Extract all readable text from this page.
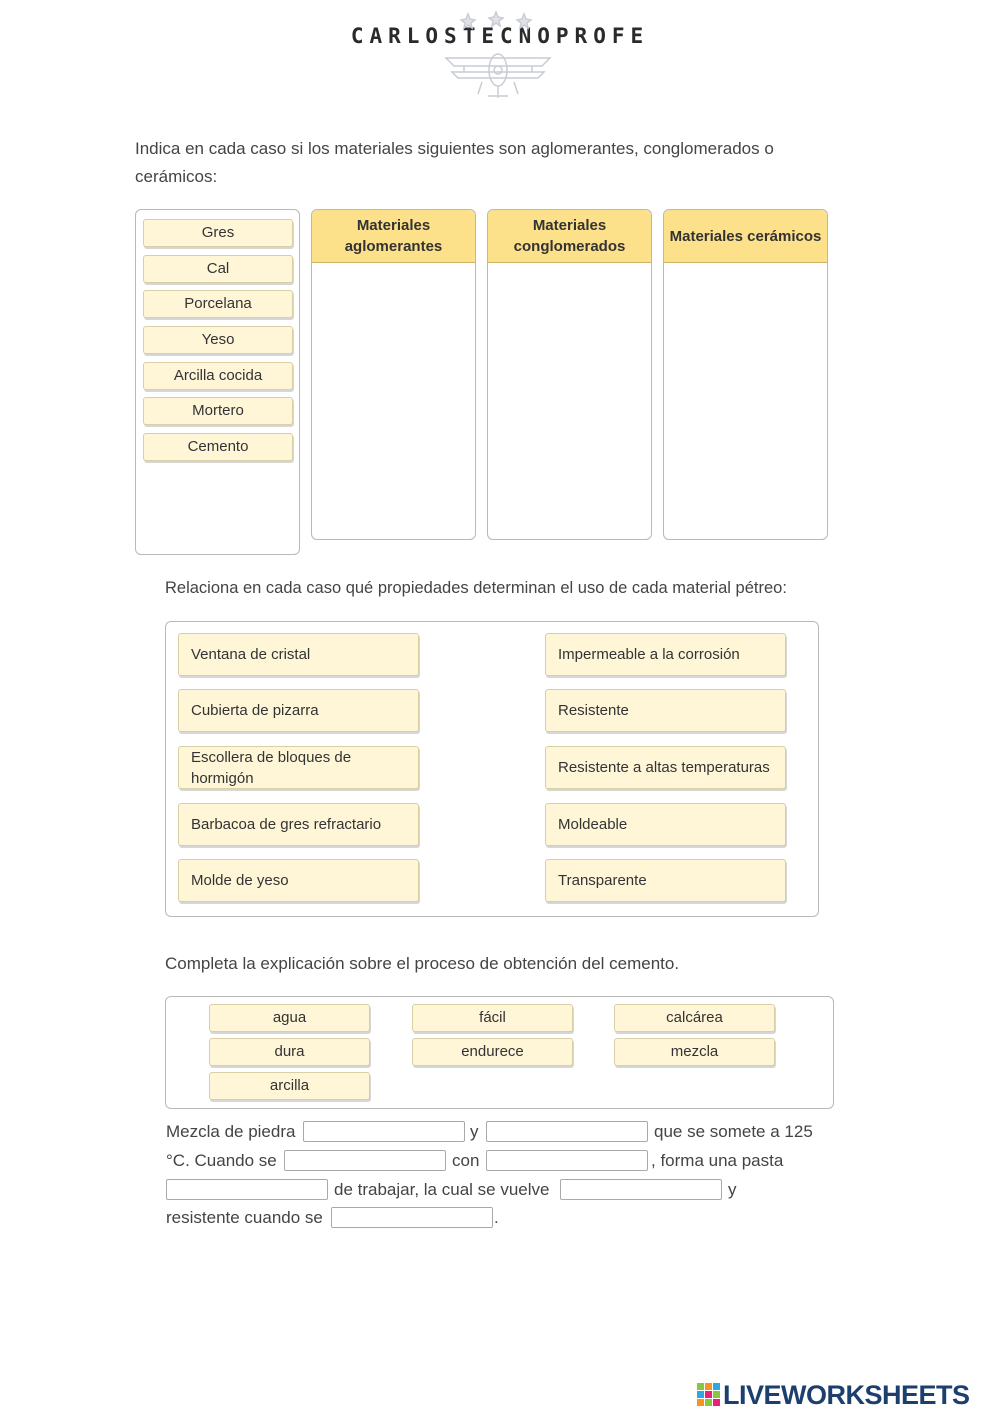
CARLOSTECNOPROFE
Indica en cada caso si los materiales siguientes son aglomerantes, conglomerados o cerámicos:
Gres
Cal
Porcelana
Yeso
Arcilla cocida
Mortero
Cemento
Materiales aglomerantes
Materiales conglomerados
Materiales cerámicos
Relaciona en cada caso qué propiedades determinan el uso de cada material pétreo:
Ventana de cristal
Cubierta de pizarra
Escollera de bloques de hormigón
Barbacoa de gres refractario
Molde de yeso
Impermeable a la corrosión
Resistente
Resistente a altas temperaturas
Moldeable
Transparente
Completa la explicación sobre el proceso de obtención del cemento.
agua	fácil	calcárea
dura	endurece	mezcla
arcilla
Mezcla de piedra	y	que se somete a 125
°C. Cuando se	con	, forma una pasta
de trabajar, la cual se vuelve	y
resistente cuando se	.
LIVEWORKSHEETS
